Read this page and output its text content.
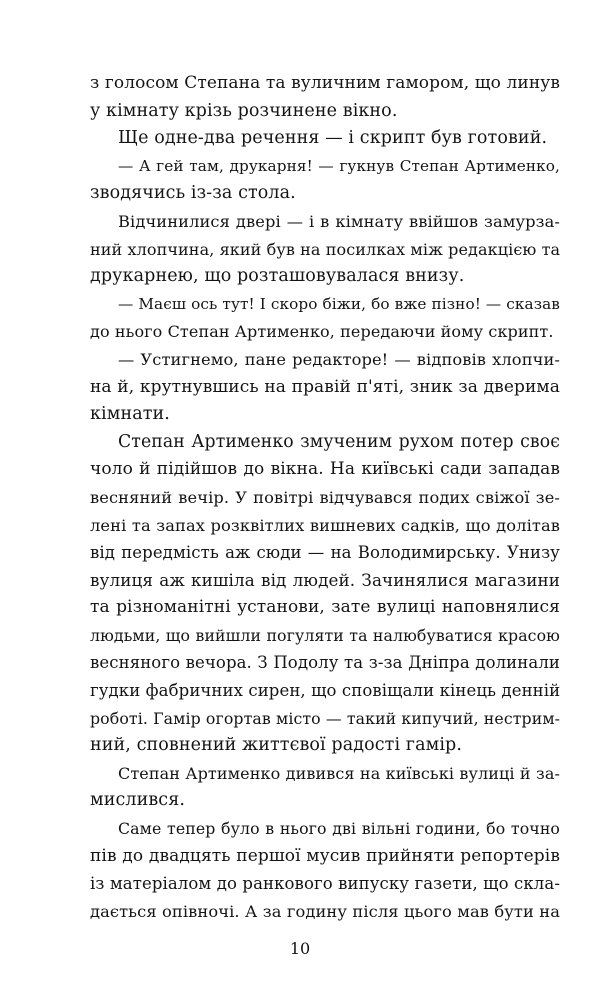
з голосом Степана та вуличним гамором, що линув
у кімнату крізь розчинене вікно.
Ще одне-два речення — і скрипт був готовий.
— А гей там, друкарня! — гукнув Степан Артименко,
зводячись із-за стола.
Відчинилися двері — і в кімнату ввійшов замурза-
ний хлопчина, який був на посилках між редакцією та
друкарнею, що розташовувалася внизу.
— Маєш ось тут! І скоро біжи, бо вже пізно! — сказав
до нього Степан Артименко, передаючи йому скрипт.
— Устигнемо, пане редакторе! — відповів хлопчи-
на й, крутнувшись на правій п'яті, зник за дверима
кімнати.
Степан Артименко змученим рухом потер своє
чоло й підійшов до вікна. На київські сади западав
весняний вечір. У повітрі відчувався подих свіжої зе-
лені та запах розквітлих вишневих садків, що долітав
від передмість аж сюди — на Володимирську. Унизу
вулиця аж кишіла від людей. Зачинялися магазини
та різноманітні установи, зате вулиці наповнялися
людьми, що вийшли погуляти та налюбуватися красою
весняного вечора. З Подолу та з-за Дніпра долинали
гудки фабричних сирен, що сповіщали кінець денній
роботі. Гамір огортав місто — такий кипучий, нестрим-
ний, сповнений життєвої радості гамір.
Степан Артименко дивився на київські вулиці й за-
мислився.
Саме тепер було в нього дві вільні години, бо точно
пів до двадцять першої мусив прийняти репортерів
із матеріалом до ранкового випуску газети, що скла-
дається опівночі. А за годину після цього мав бути на
10
